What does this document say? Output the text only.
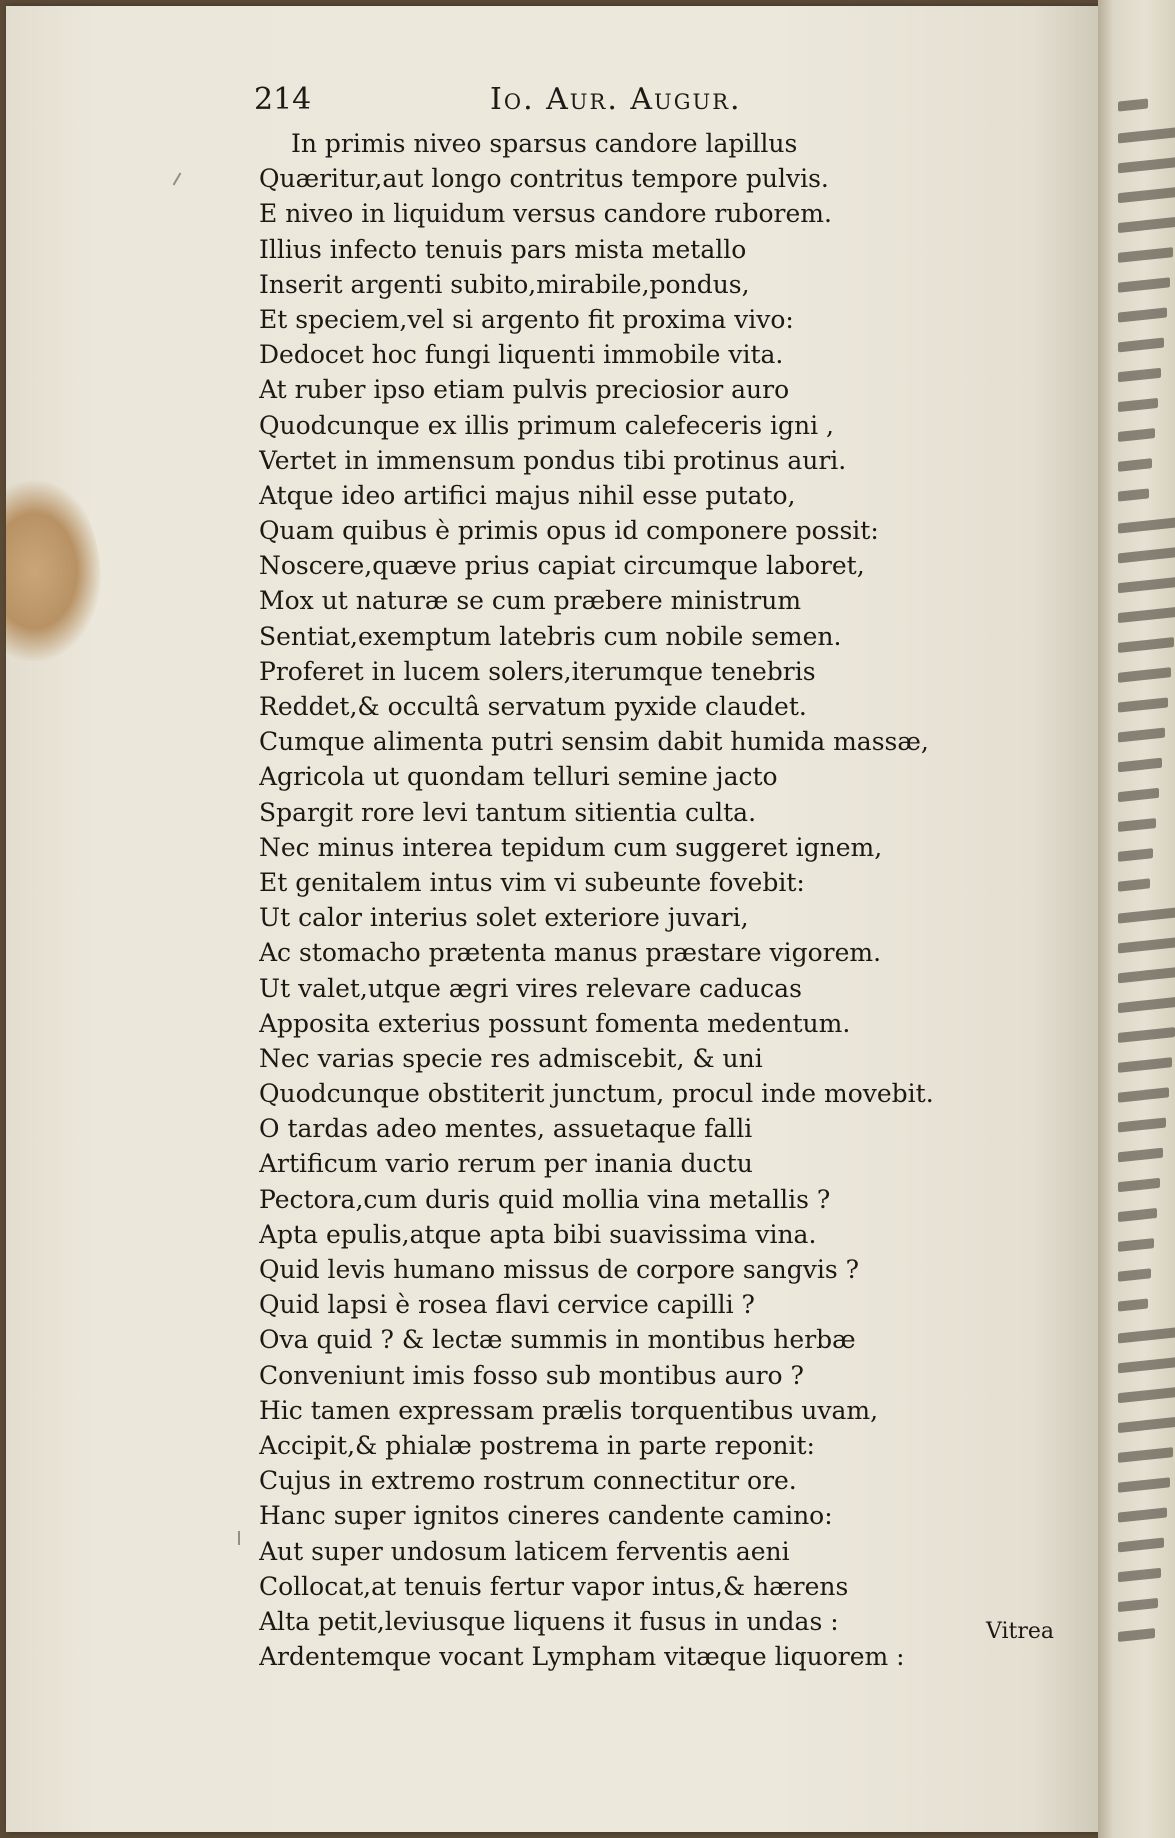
214	Io. Aur. Augur.
In primis niveo sparsus candore lapillus
Quæritur,aut longo contritus tempore pulvis.
E niveo in liquidum versus candore ruborem.
Illius infecto tenuis pars mista metallo
Inserit argenti subito,mirabile,pondus,
Et speciem,vel si argento fit proxima vivo:
Dedocet hoc fungi liquenti immobile vita.
At ruber ipso etiam pulvis preciosior auro
Quodcunque ex illis primum calefeceris igni ,
Vertet in immensum pondus tibi protinus auri.
Atque ideo artifici majus nihil esse putato,
Quam quibus è primis opus id componere possit:
Noscere,quæve prius capiat circumque laboret,
Mox ut naturæ se cum præbere ministrum
Sentiat,exemptum latebris cum nobile semen.
Proferet in lucem solers,iterumque tenebris
Reddet,& occultâ servatum pyxide claudet.
Cumque alimenta putri sensim dabit humida massæ,
Agricola ut quondam telluri semine jacto
Spargit rore levi tantum sitientia culta.
Nec minus interea tepidum cum suggeret ignem,
Et genitalem intus vim vi subeunte fovebit:
Ut calor interius solet exteriore juvari,
Ac stomacho prætenta manus præstare vigorem.
Ut valet,utque ægri vires relevare caducas
Apposita exterius possunt fomenta medentum.
Nec varias specie res admiscebit, & uni
Quodcunque obstiterit junctum, procul inde movebit.
O tardas adeo mentes, assuetaque falli
Artificum vario rerum per inania ductu
Pectora,cum duris quid mollia vina metallis ?
Apta epulis,atque apta bibi suavissima vina.
Quid levis humano missus de corpore sangvis ?
Quid lapsi è rosea flavi cervice capilli ?
Ova quid ? & lectæ summis in montibus herbæ
Conveniunt imis fosso sub montibus auro ?
Hic tamen expressam prælis torquentibus uvam,
Accipit,& phialæ postrema in parte reponit:
Cujus in extremo rostrum connectitur ore.
Hanc super ignitos cineres candente camino:
Aut super undosum laticem ferventis aeni
Collocat,at tenuis fertur vapor intus,& hærens
Alta petit,leviusque liquens it fusus in undas :
Ardentemque vocant Lympham vitæque liquorem :
Vitrea
